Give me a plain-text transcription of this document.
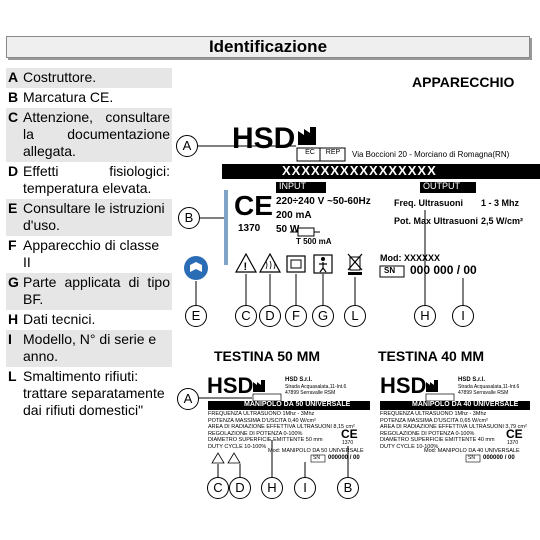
Identificazione
A Costruttore.
B Marcatura CE.
C Attenzione, consultare la documentazione allegata.
D Effetti fisiologici: temperatura elevata.
E Consultare le istruzioni d'uso.
F Apparecchio di classe II
G Parte applicata di tipo BF.
H Dati tecnici.
I Modello, N° di serie e anno.
L Smaltimento rifiuti: trattare separatamente dai rifiuti domestici"
APPARECCHIO
HSD
!
HSD	HSD
EC	REP	Via Boccioni 20 - Morciano di Romagna(RN)
XXXXXXXXXXXXXXXX
INPUT	OUTPUT
CE
1370
220÷240 V ~50-60Hz
200 mA
50 W
T 500 mA
Freq. Ultrasuoni 1 - 3 Mhz
Pot. Max Ultrasuoni 2,5 W/cm²
Mod: XXXXXX
SN 000 000 / 00
A
B
C	D
E	F	G	L	H	I
TESTINA 50 MM
HSD S.r.l.
Strada Acquasalata,11-Int.6
47899 Serravalle RSM
MANIPOLO DA 50 UNIVERSALE
FREQUENZA ULTRASUONO 1Mhz - 3Mhz
POTENZA MASSIMA D'USCITA 0,40 W/cm²
AREA DI RADIAZIONE EFFETTIVA ULTRASUONI 8,15 cm²
REGOLAZIONE DI POTENZA 0-100%
DIAMETRO SUPERFICIE EMITTENTE 50 mm
DUTY CYCLE 10-100%
CE
1370
Mod: MANIPOLO DA 50 UNIVERSALE
SN 000000 / 00
A
C D	H	I	B
TESTINA 40 MM
HSD S.r.l.
Strada Acquasalata,11-Int.6
47899 Serravalle RSM
MANIPOLO DA 40 UNIVERSALE
FREQUENZA ULTRASUONO 1Mhz - 3Mhz
POTENZA MASSIMA D'USCITA 0,65 W/cm²
AREA DI RADIAZIONE EFFETTIVA ULTRASUONI 3,79 cm²
REGOLAZIONE DI POTENZA 0-100%
DIAMETRO SUPERFICIE EMITTENTE 40 mm
DUTY CYCLE 10-100%
CE
1370
Mod: MANIPOLO DA 40 UNIVERSALE
SN 000000 / 00
